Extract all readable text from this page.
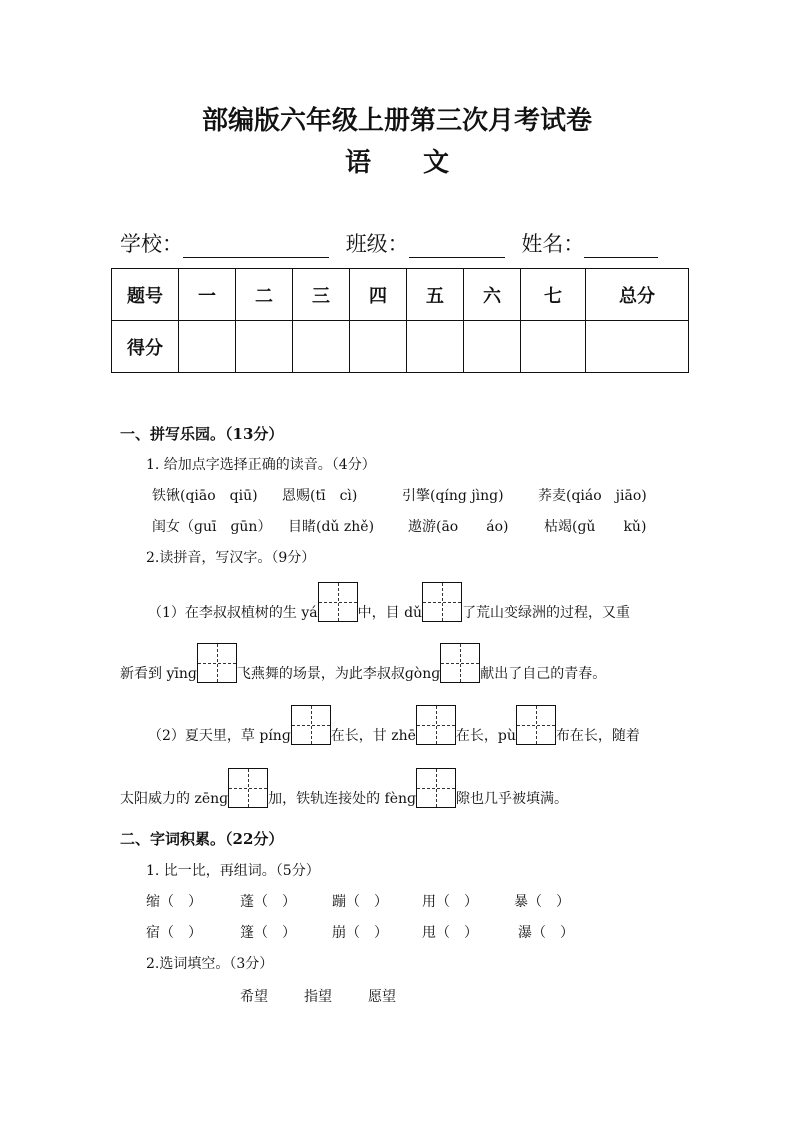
部编版六年级上册第三次月考试卷
语　　文
学校：	班级：	姓名：
题号	一	二	三	四	五	六	七	总分
得分								
一、拼写乐园。（13分）
1. 给加点字选择正确的读音。（4分）
铁锹(qiāo　qiū) 恩赐(tī　cì)	引擎(qíng jìng) 荞麦(qiáo　jiāo)
闺女（ɡuī　ɡūn） 目睹(dǔ zhě) 遨游(āo　　áo)	枯竭(ɡǔ　　kǔ)
2.读拼音，写汉字。（9分）
（1）在李叔叔植树的生 yá	中，目 dǔ	了荒山变绿洲的过程，又重
新看到 yīnɡ	飞燕舞的场景，为此李叔叔ɡònɡ	献出了自己的青春。
（2）夏天里，草 pínɡ	在长，甘 zhē	在长，pù	布在长，随着
太阳威力的 zēnɡ	加，铁轨连接处的 fènɡ	隙也几乎被填满。
二、字词积累。（22分）
1. 比一比，再组词。（5分）
缩（　）	蓬（　）	蹦（　） 用（　）	暴（　）
宿（　）	篷（　）	崩（　） 甩（　）	瀑（　）
2.选词填空。（3分）
希望	指望	愿望
